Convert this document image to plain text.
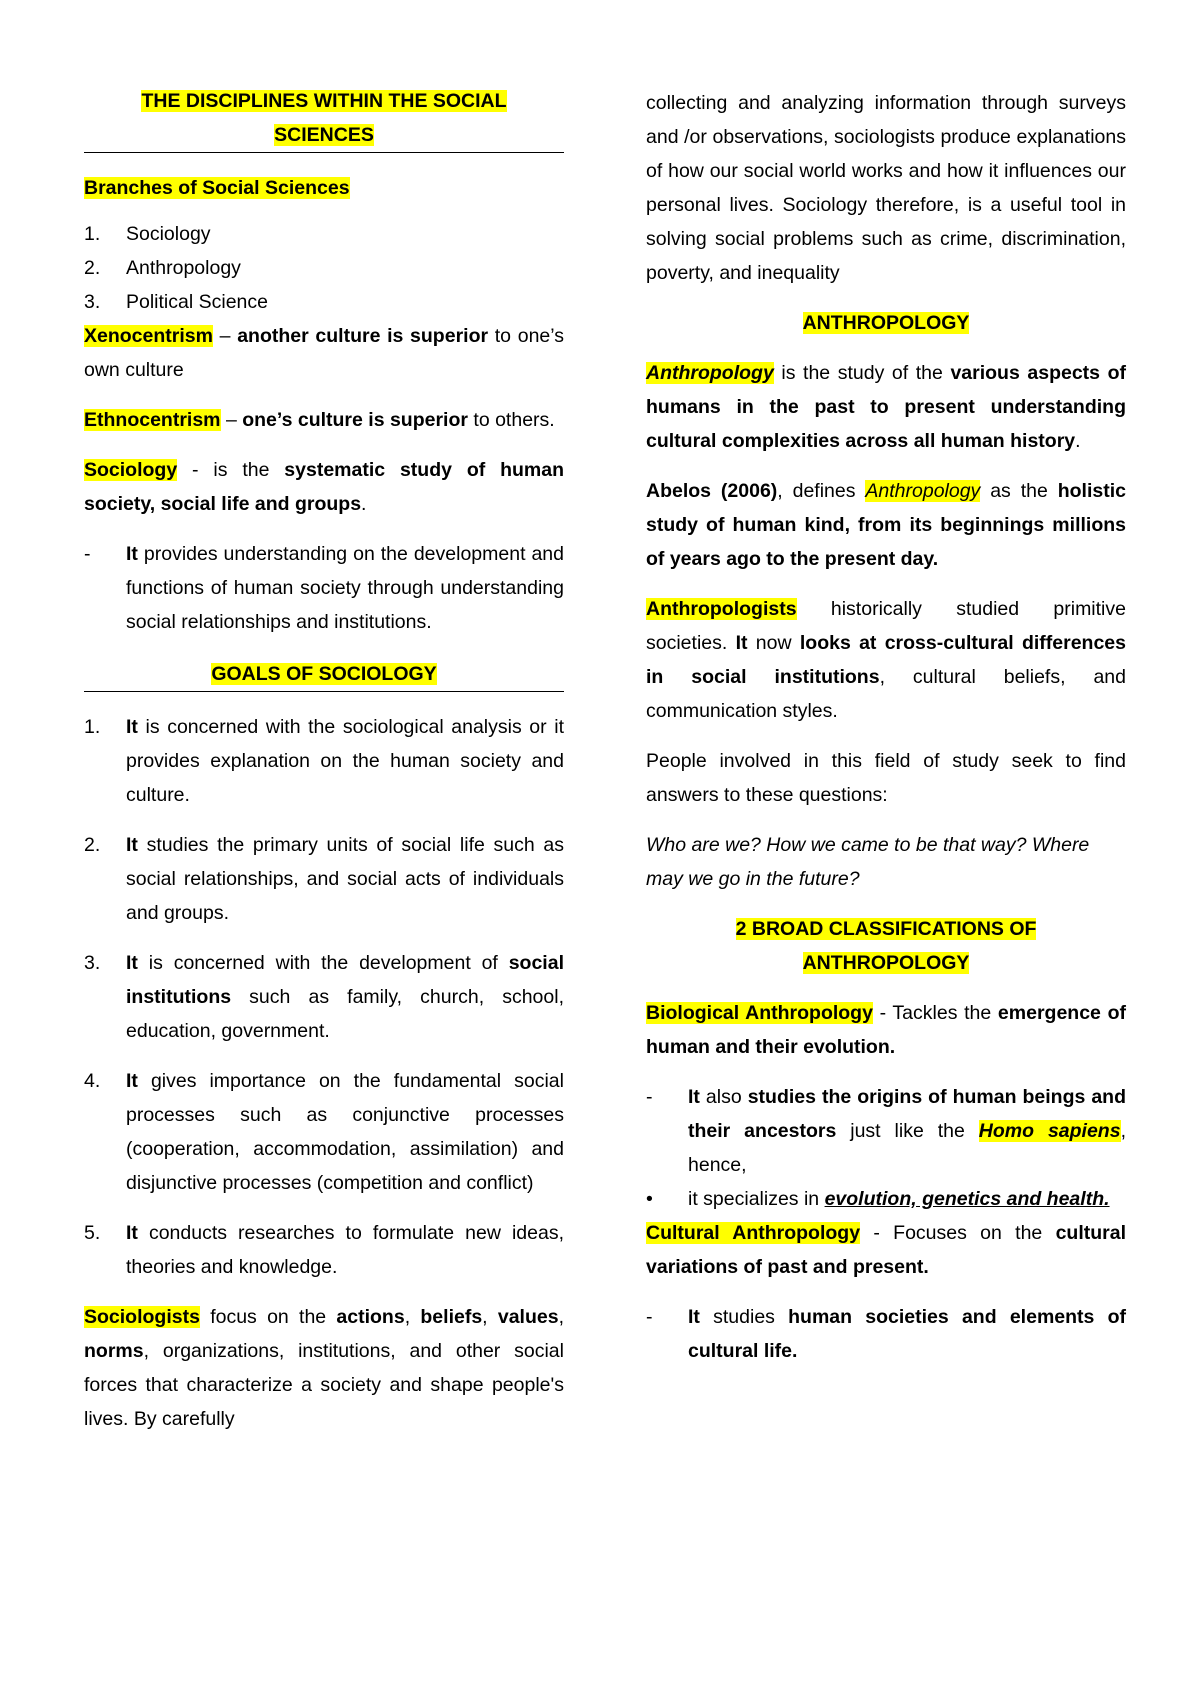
THE DISCIPLINES WITHIN THE SOCIAL
SCIENCES

Branches of Social Sciences

1. Sociology
2. Anthropology
3. Political Science

Xenocentrism – another culture is superior to one’s own culture

Ethnocentrism – one’s culture is superior to others.

Sociology - is the systematic study of human society, social life and groups.

- It provides understanding on the development and functions of human society through understanding social relationships and institutions.
GOALS OF SOCIOLOGY
1. It is concerned with the sociological analysis or it provides explanation on the human society and culture.
2. It studies the primary units of social life such as social relationships, and social acts of individuals and groups.
3. It is concerned with the development of social institutions such as family, church, school, education, government.
4. It gives importance on the fundamental social processes such as conjunctive processes (cooperation, accommodation, assimilation) and disjunctive processes (competition and conflict)
5. It conducts researches to formulate new ideas, theories and knowledge.

Sociologists focus on the actions, beliefs, values, norms, organizations, institutions, and other social forces that characterize a society and shape people's lives. By carefully

collecting and analyzing information through surveys and /or observations, sociologists produce explanations of how our social world works and how it influences our personal lives. Sociology therefore, is a useful tool in solving social problems such as crime, discrimination, poverty, and inequality

ANTHROPOLOGY

Anthropology is the study of the various aspects of humans in the past to present understanding cultural complexities across all human history.

Abelos (2006), defines Anthropology as the holistic study of human kind, from its beginnings millions of years ago to the present day.

Anthropologists historically studied primitive societies. It now looks at cross-cultural differences in social institutions, cultural beliefs, and communication styles.

People involved in this field of study seek to find answers to these questions:

Who are we? How we came to be that way? Where may we go in the future?

2 BROAD CLASSIFICATIONS OF
ANTHROPOLOGY

Biological Anthropology - Tackles the emergence of human and their evolution.

- It also studies the origins of human beings and their ancestors just like the Homo sapiens, hence,
• it specializes in evolution, genetics and health.

Cultural Anthropology - Focuses on the cultural variations of past and present.

- It studies human societies and elements of cultural life.
